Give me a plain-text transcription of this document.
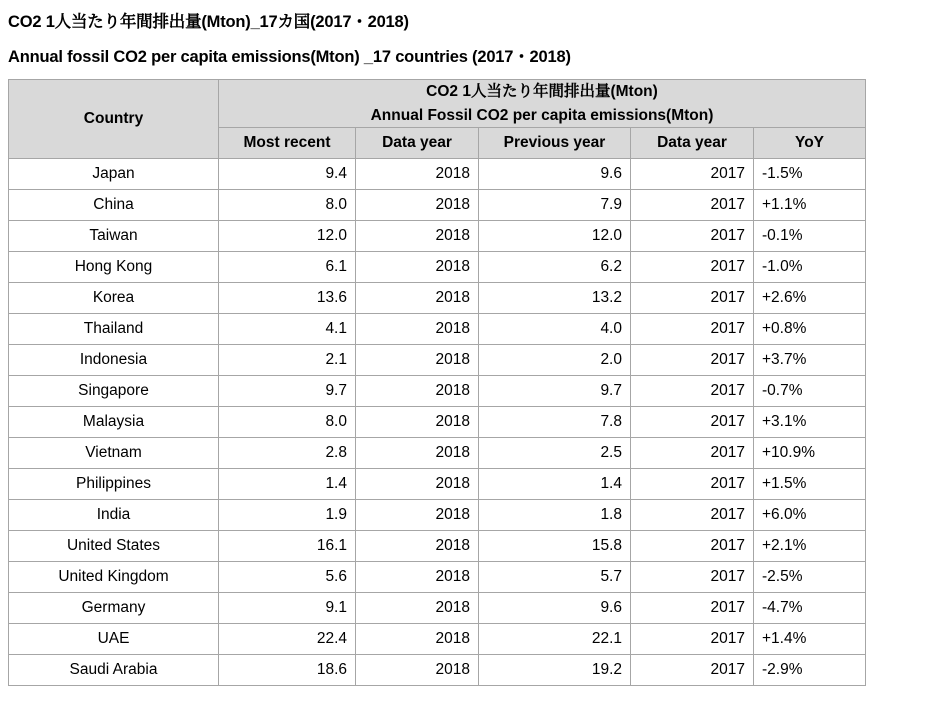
CO2 1人当たり年間排出量(Mton)_17カ国(2017・2018)
Annual fossil CO2 per capita emissions(Mton) _17 countries (2017・2018)
Country	CO2 1人当たり年間排出量(Mton)
Annual Fossil CO2 per capita emissions(Mton)				

	Most recent	Data year	Previous year	Data year	YoY
Japan	9.4	2018	9.6	2017	-1.5%
China	8.0	2018	7.9	2017	+1.1%
Taiwan	12.0	2018	12.0	2017	-0.1%
Hong Kong	6.1	2018	6.2	2017	-1.0%
Korea	13.6	2018	13.2	2017	+2.6%
Thailand	4.1	2018	4.0	2017	+0.8%
Indonesia	2.1	2018	2.0	2017	+3.7%
Singapore	9.7	2018	9.7	2017	-0.7%
Malaysia	8.0	2018	7.8	2017	+3.1%
Vietnam	2.8	2018	2.5	2017	+10.9%
Philippines	1.4	2018	1.4	2017	+1.5%
India	1.9	2018	1.8	2017	+6.0%
United States	16.1	2018	15.8	2017	+2.1%
United Kingdom	5.6	2018	5.7	2017	-2.5%
Germany	9.1	2018	9.6	2017	-4.7%
UAE	22.4	2018	22.1	2017	+1.4%
Saudi Arabia	18.6	2018	19.2	2017	-2.9%
